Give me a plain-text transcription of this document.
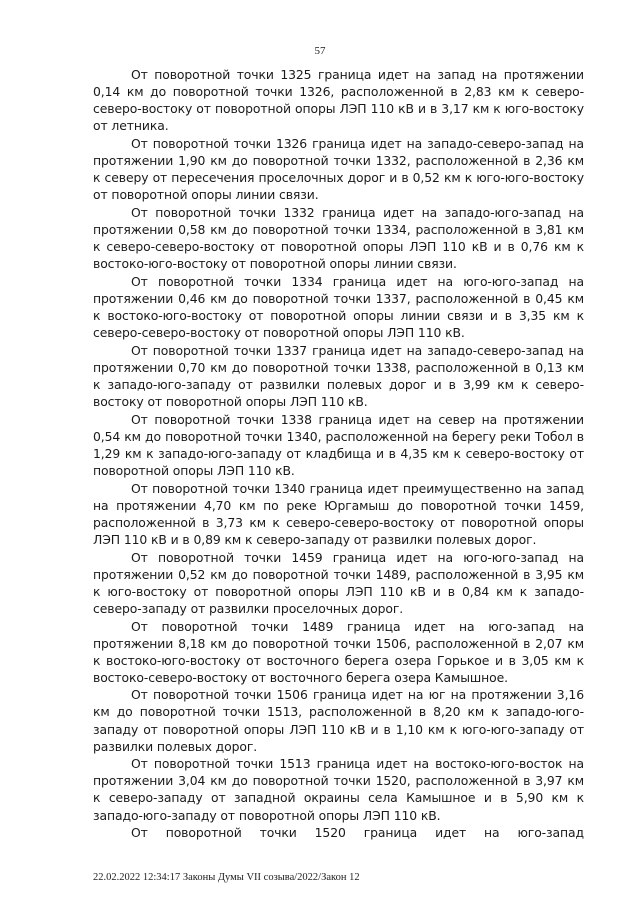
57

От поворотной точки 1325 граница идет на запад на протяжении 0,14 км до поворотной точки 1326, расположенной в 2,83 км к северо-северо-востоку от поворотной опоры ЛЭП 110 кВ и в 3,17 км к юго-востоку от летника.

От поворотной точки 1326 граница идет на западо-северо-запад на протяжении 1,90 км до поворотной точки 1332, расположенной в 2,36 км к северу от пересечения проселочных дорог и в 0,52 км к юго-юго-востоку от поворотной опоры линии связи.

От поворотной точки 1332 граница идет на западо-юго-запад на протяжении 0,58 км до поворотной точки 1334, расположенной в 3,81 км к северо-северо-востоку от поворотной опоры ЛЭП 110 кВ и в 0,76 км к востоко-юго-востоку от поворотной опоры линии связи.

От поворотной точки 1334 граница идет на юго-юго-запад на протяжении 0,46 км до поворотной точки 1337, расположенной в 0,45 км к востоко-юго-востоку от поворотной опоры линии связи и в 3,35 км к северо-северо-востоку от поворотной опоры ЛЭП 110 кВ.

От поворотной точки 1337 граница идет на западо-северо-запад на протяжении 0,70 км до поворотной точки 1338, расположенной в 0,13 км к западо-юго-западу от развилки полевых дорог и в 3,99 км к северо-востоку от поворотной опоры ЛЭП 110 кВ.

От поворотной точки 1338 граница идет на север на протяжении 0,54 км до поворотной точки 1340, расположенной на берегу реки Тобол в 1,29 км к западо-юго-западу от кладбища и в 4,35 км к северо-востоку от поворотной опоры ЛЭП 110 кВ.

От поворотной точки 1340 граница идет преимущественно на запад на протяжении 4,70 км по реке Юргамыш до поворотной точки 1459, расположенной в 3,73 км к северо-северо-востоку от поворотной опоры ЛЭП 110 кВ и в 0,89 км к северо-западу от развилки полевых дорог.

От поворотной точки 1459 граница идет на юго-юго-запад на протяжении 0,52 км до поворотной точки 1489, расположенной в 3,95 км к юго-востоку от поворотной опоры ЛЭП 110 кВ и в 0,84 км к западо-северо-западу от развилки проселочных дорог.

От поворотной точки 1489 граница идет на юго-запад на протяжении 8,18 км до поворотной точки 1506, расположенной в 2,07 км к востоко-юго-востоку от восточного берега озера Горькое и в 3,05 км к востоко-северо-востоку от восточного берега озера Камышное.

От поворотной точки 1506 граница идет на юг на протяжении 3,16 км до поворотной точки 1513, расположенной в 8,20 км к западо-юго-западу от поворотной опоры ЛЭП 110 кВ и в 1,10 км к юго-юго-западу от развилки полевых дорог.

От поворотной точки 1513 граница идет на востоко-юго-восток на протяжении 3,04 км до поворотной точки 1520, расположенной в 3,97 км к северо-западу от западной окраины села Камышное и в 5,90 км к западо-юго-западу от поворотной опоры ЛЭП 110 кВ.

От поворотной точки 1520 граница идет на юго-запад

22.02.2022 12:34:17 Законы Думы VII созыва/2022/Закон 12
